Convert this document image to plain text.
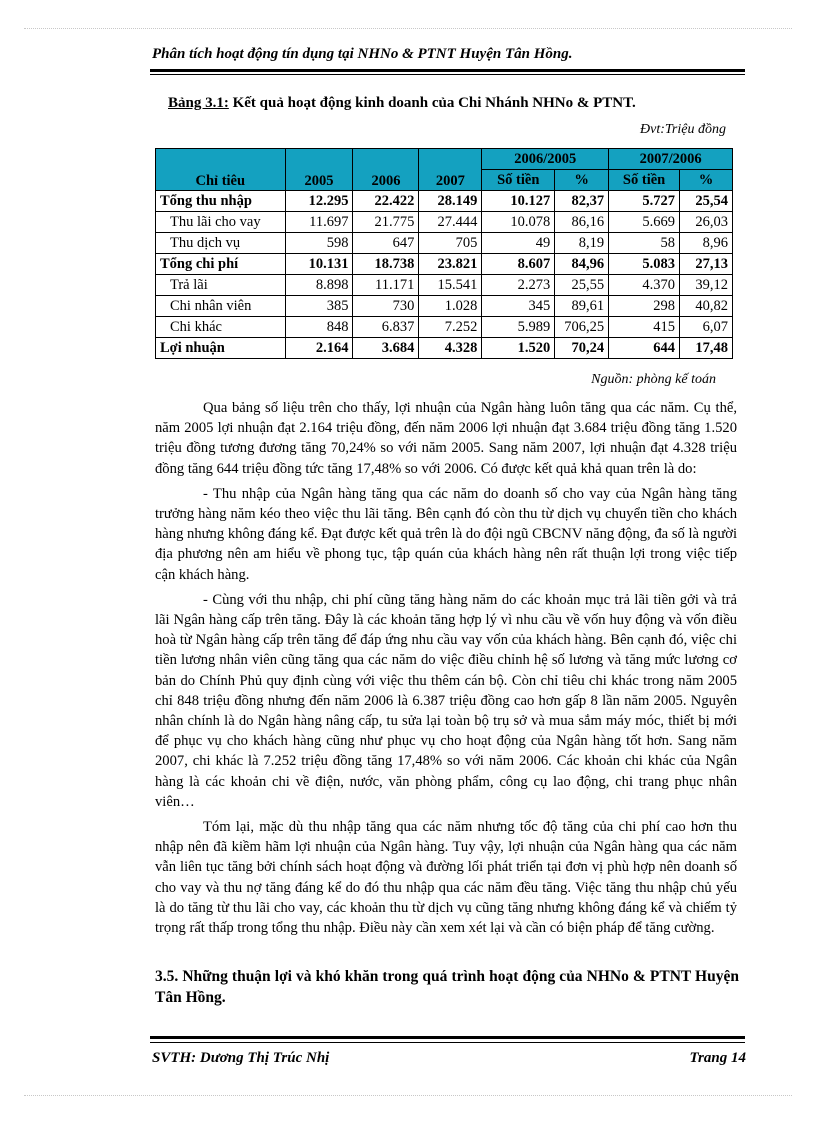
Phân tích hoạt động tín dụng tại NHNo & PTNT Huyện Tân Hồng.
Bảng 3.1: Kết quả hoạt động kinh doanh của Chi Nhánh NHNo & PTNT.
Đvt:Triệu đồng
Chỉ tiêu	2005	2006	2007	2006/2005		2007/2006	
				Số tiền	%	Số tiền	%
Tổng thu nhập	12.295	22.422	28.149	10.127	82,37	5.727	25,54
Thu lãi cho vay	11.697	21.775	27.444	10.078	86,16	5.669	26,03
Thu dịch vụ	598	647	705	49	8,19	58	8,96
Tổng chi phí	10.131	18.738	23.821	8.607	84,96	5.083	27,13
Trả lãi	8.898	11.171	15.541	2.273	25,55	4.370	39,12
Chi nhân viên	385	730	1.028	345	89,61	298	40,82
Chi khác	848	6.837	7.252	5.989	706,25	415	6,07
Lợi nhuận	2.164	3.684	4.328	1.520	70,24	644	17,48
Nguồn: phòng kế toán

Qua bảng số liệu trên cho thấy, lợi nhuận của Ngân hàng luôn tăng qua các năm. Cụ thể, năm 2005 lợi nhuận đạt 2.164 triệu đồng, đến năm 2006 lợi nhuận đạt 3.684 triệu đồng tăng 1.520 triệu đồng tương đương tăng 70,24% so với năm 2005. Sang năm 2007, lợi nhuận đạt 4.328 triệu đồng tăng 644 triệu đồng tức tăng 17,48% so với 2006. Có được kết quả khả quan trên là do:

- Thu nhập của Ngân hàng tăng qua các năm do doanh số cho vay của Ngân hàng tăng trưởng hàng năm kéo theo việc thu lãi tăng. Bên cạnh đó còn thu từ dịch vụ chuyển tiền cho khách hàng nhưng không đáng kể. Đạt được kết quả trên là do đội ngũ CBCNV năng động, đa số là người địa phương nên am hiểu về phong tục, tập quán của khách hàng nên rất thuận lợi trong việc tiếp cận khách hàng.

- Cùng với thu nhập, chi phí cũng tăng hàng năm do các khoản mục trả lãi tiền gởi và trả lãi Ngân hàng cấp trên tăng. Đây là các khoản tăng hợp lý vì nhu cầu về vốn huy động và vốn điều hoà từ Ngân hàng cấp trên tăng để đáp ứng nhu cầu vay vốn của khách hàng. Bên cạnh đó, việc chi tiền lương nhân viên cũng tăng qua các năm do việc điều chỉnh hệ số lương và tăng mức lương cơ bản do Chính Phủ quy định cùng với việc thu thêm cán bộ. Còn chỉ tiêu chi khác trong năm 2005 chỉ 848 triệu đồng nhưng đến năm 2006 là 6.387 triệu đồng cao hơn gấp 8 lần năm 2005. Nguyên nhân chính là do Ngân hàng nâng cấp, tu sửa lại toàn bộ trụ sở và mua sắm máy móc, thiết bị mới để phục vụ cho khách hàng cũng như phục vụ cho hoạt động của Ngân hàng tốt hơn. Sang năm 2007, chi khác là 7.252 triệu đồng tăng 17,48% so với năm 2006. Các khoản chi khác của Ngân hàng là các khoản chi về điện, nước, văn phòng phẩm, công cụ lao động, chi trang phục nhân viên…

Tóm lại, mặc dù thu nhập tăng qua các năm nhưng tốc độ tăng của chi phí cao hơn thu nhập nên đã kiềm hãm lợi nhuận của Ngân hàng. Tuy vậy, lợi nhuận của Ngân hàng qua các năm vẫn liên tục tăng bởi chính sách hoạt động và đường lối phát triển tại đơn vị phù hợp nên doanh số cho vay và thu nợ tăng đáng kể do đó thu nhập qua các năm đều tăng. Việc tăng thu nhập chủ yếu là do tăng từ thu lãi cho vay, các khoản thu từ dịch vụ cũng tăng nhưng không đáng kể và chiếm tỷ trọng rất thấp trong tổng thu nhập. Điều này cần xem xét lại và cần có biện pháp để tăng cường.

3.5. Những thuận lợi và khó khăn trong quá trình hoạt động của NHNo & PTNT Huyện Tân Hồng.
SVTH: Dương Thị Trúc Nhị	Trang 14
